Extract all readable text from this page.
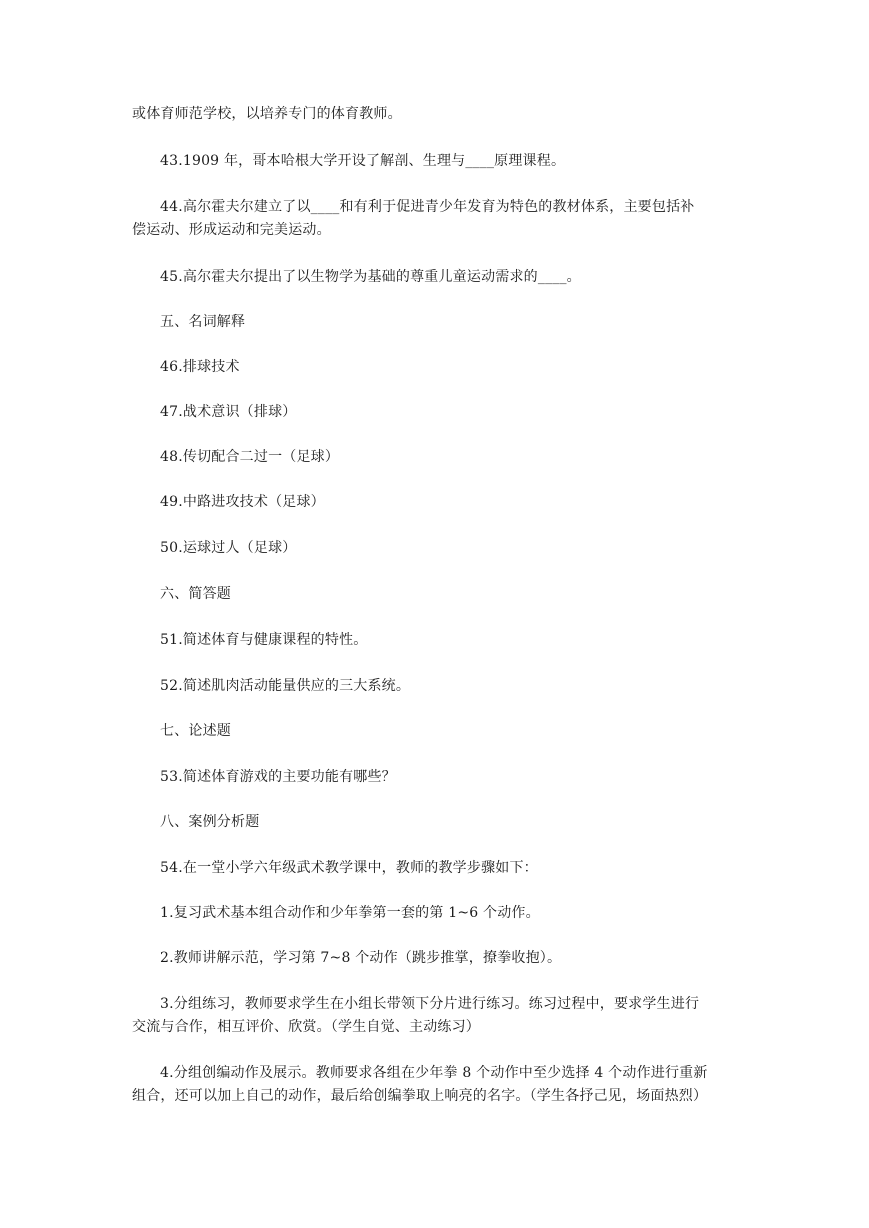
或体育师范学校，以培养专门的体育教师。
43.1909 年，哥本哈根大学开设了解剖、生理与____原理课程。
44.高尔霍夫尔建立了以____和有利于促进青少年发育为特色的教材体系，主要包括补
偿运动、形成运动和完美运动。
45.高尔霍夫尔提出了以生物学为基础的尊重儿童运动需求的____。
五、名词解释
46.排球技术
47.战术意识（排球）
48.传切配合二过一（足球）
49.中路进攻技术（足球）
50.运球过人（足球）
六、简答题
51.简述体育与健康课程的特性。
52.简述肌肉活动能量供应的三大系统。
七、论述题
53.简述体育游戏的主要功能有哪些？
八、案例分析题
54.在一堂小学六年级武术教学课中，教师的教学步骤如下：
1.复习武术基本组合动作和少年拳第一套的第 1~6 个动作。
2.教师讲解示范，学习第 7~8 个动作（跳步推掌，撩拳收抱）。
3.分组练习，教师要求学生在小组长带领下分片进行练习。练习过程中，要求学生进行
交流与合作，相互评价、欣赏。（学生自觉、主动练习）
4.分组创编动作及展示。教师要求各组在少年拳 8 个动作中至少选择 4 个动作进行重新
组合，还可以加上自己的动作，最后给创编拳取上响亮的名字。（学生各抒己见，场面热烈）
